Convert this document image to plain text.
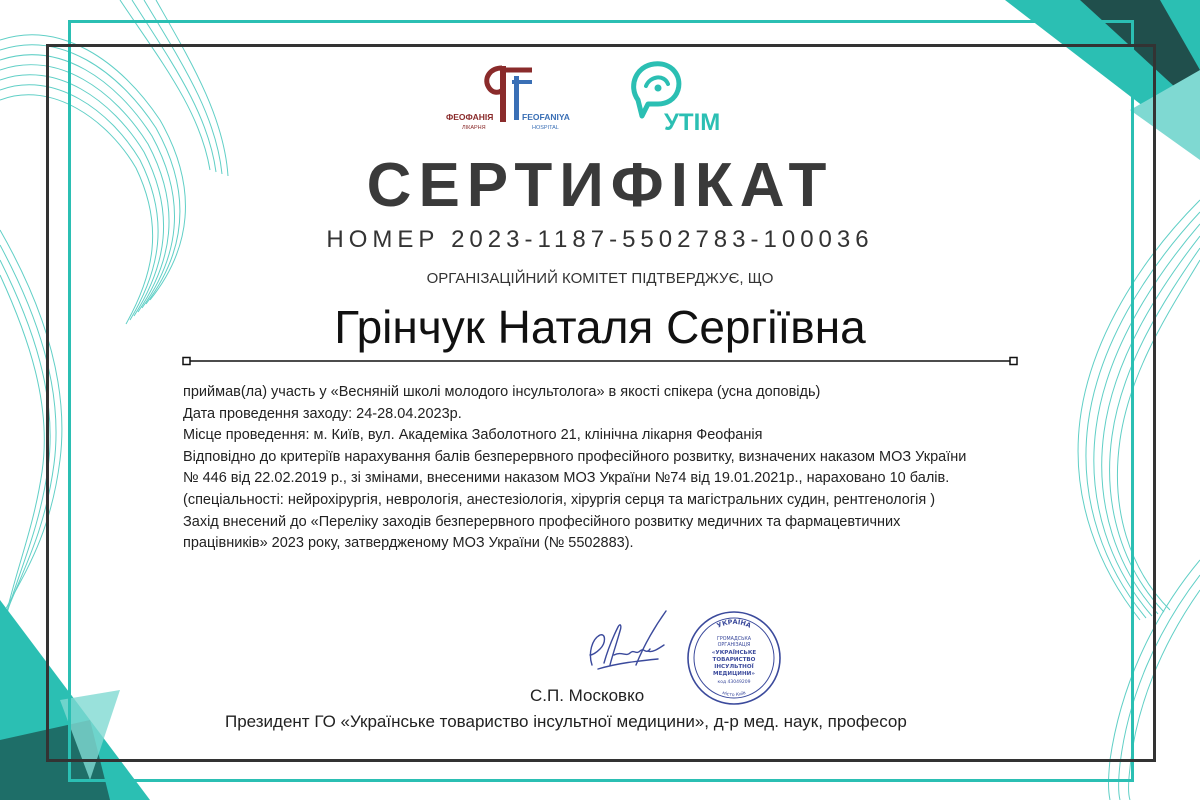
ФЕОФАНІЯ
ЛІКАРНЯ
FEOFANIYA
HOSPITAL	УТІМ
СЕРТИФІКАТ
НОМЕР 2023-1187-5502783-100036
ОРГАНІЗАЦІЙНИЙ КОМІТЕТ ПІДТВЕРДЖУЄ, ЩО
Грінчук Наталя Сергіївна
приймав(ла) участь у «Весняній школі молодого інсультолога» в якості спікера (усна доповідь)
Дата проведення заходу: 24-28.04.2023р.
Місце проведення: м. Київ, вул. Академіка Заболотного 21, клінічна лікарня Феофанія
Відповідно до критеріїв нарахування балів безперервного професійного розвитку, визначених наказом МОЗ України
№ 446 від 22.02.2019 р., зі змінами, внесеними наказом МОЗ України №74 від 19.01.2021р., нараховано 10 балів.
(спеціальності: нейрохірургія, неврологія, анестезіологія, хірургія серця та магістральних судин, рентгенологія )
Захід внесений до «Переліку заходів безперервного професійного розвитку медичних та фармацевтичних
працівників» 2023 року, затвердженому МОЗ України (№ 5502883).
УКРАЇНА
ГРОМАДСЬКА
ОРГАНІЗАЦІЯ
«УКРАЇНСЬКЕ
ТОВАРИСТВО
ІНСУЛЬТНОЇ
МЕДИЦИНИ»
код 43049209
місто Київ
С.П. Московко
Президент ГО «Українське товариство інсультної медицини», д-р мед. наук, професор
